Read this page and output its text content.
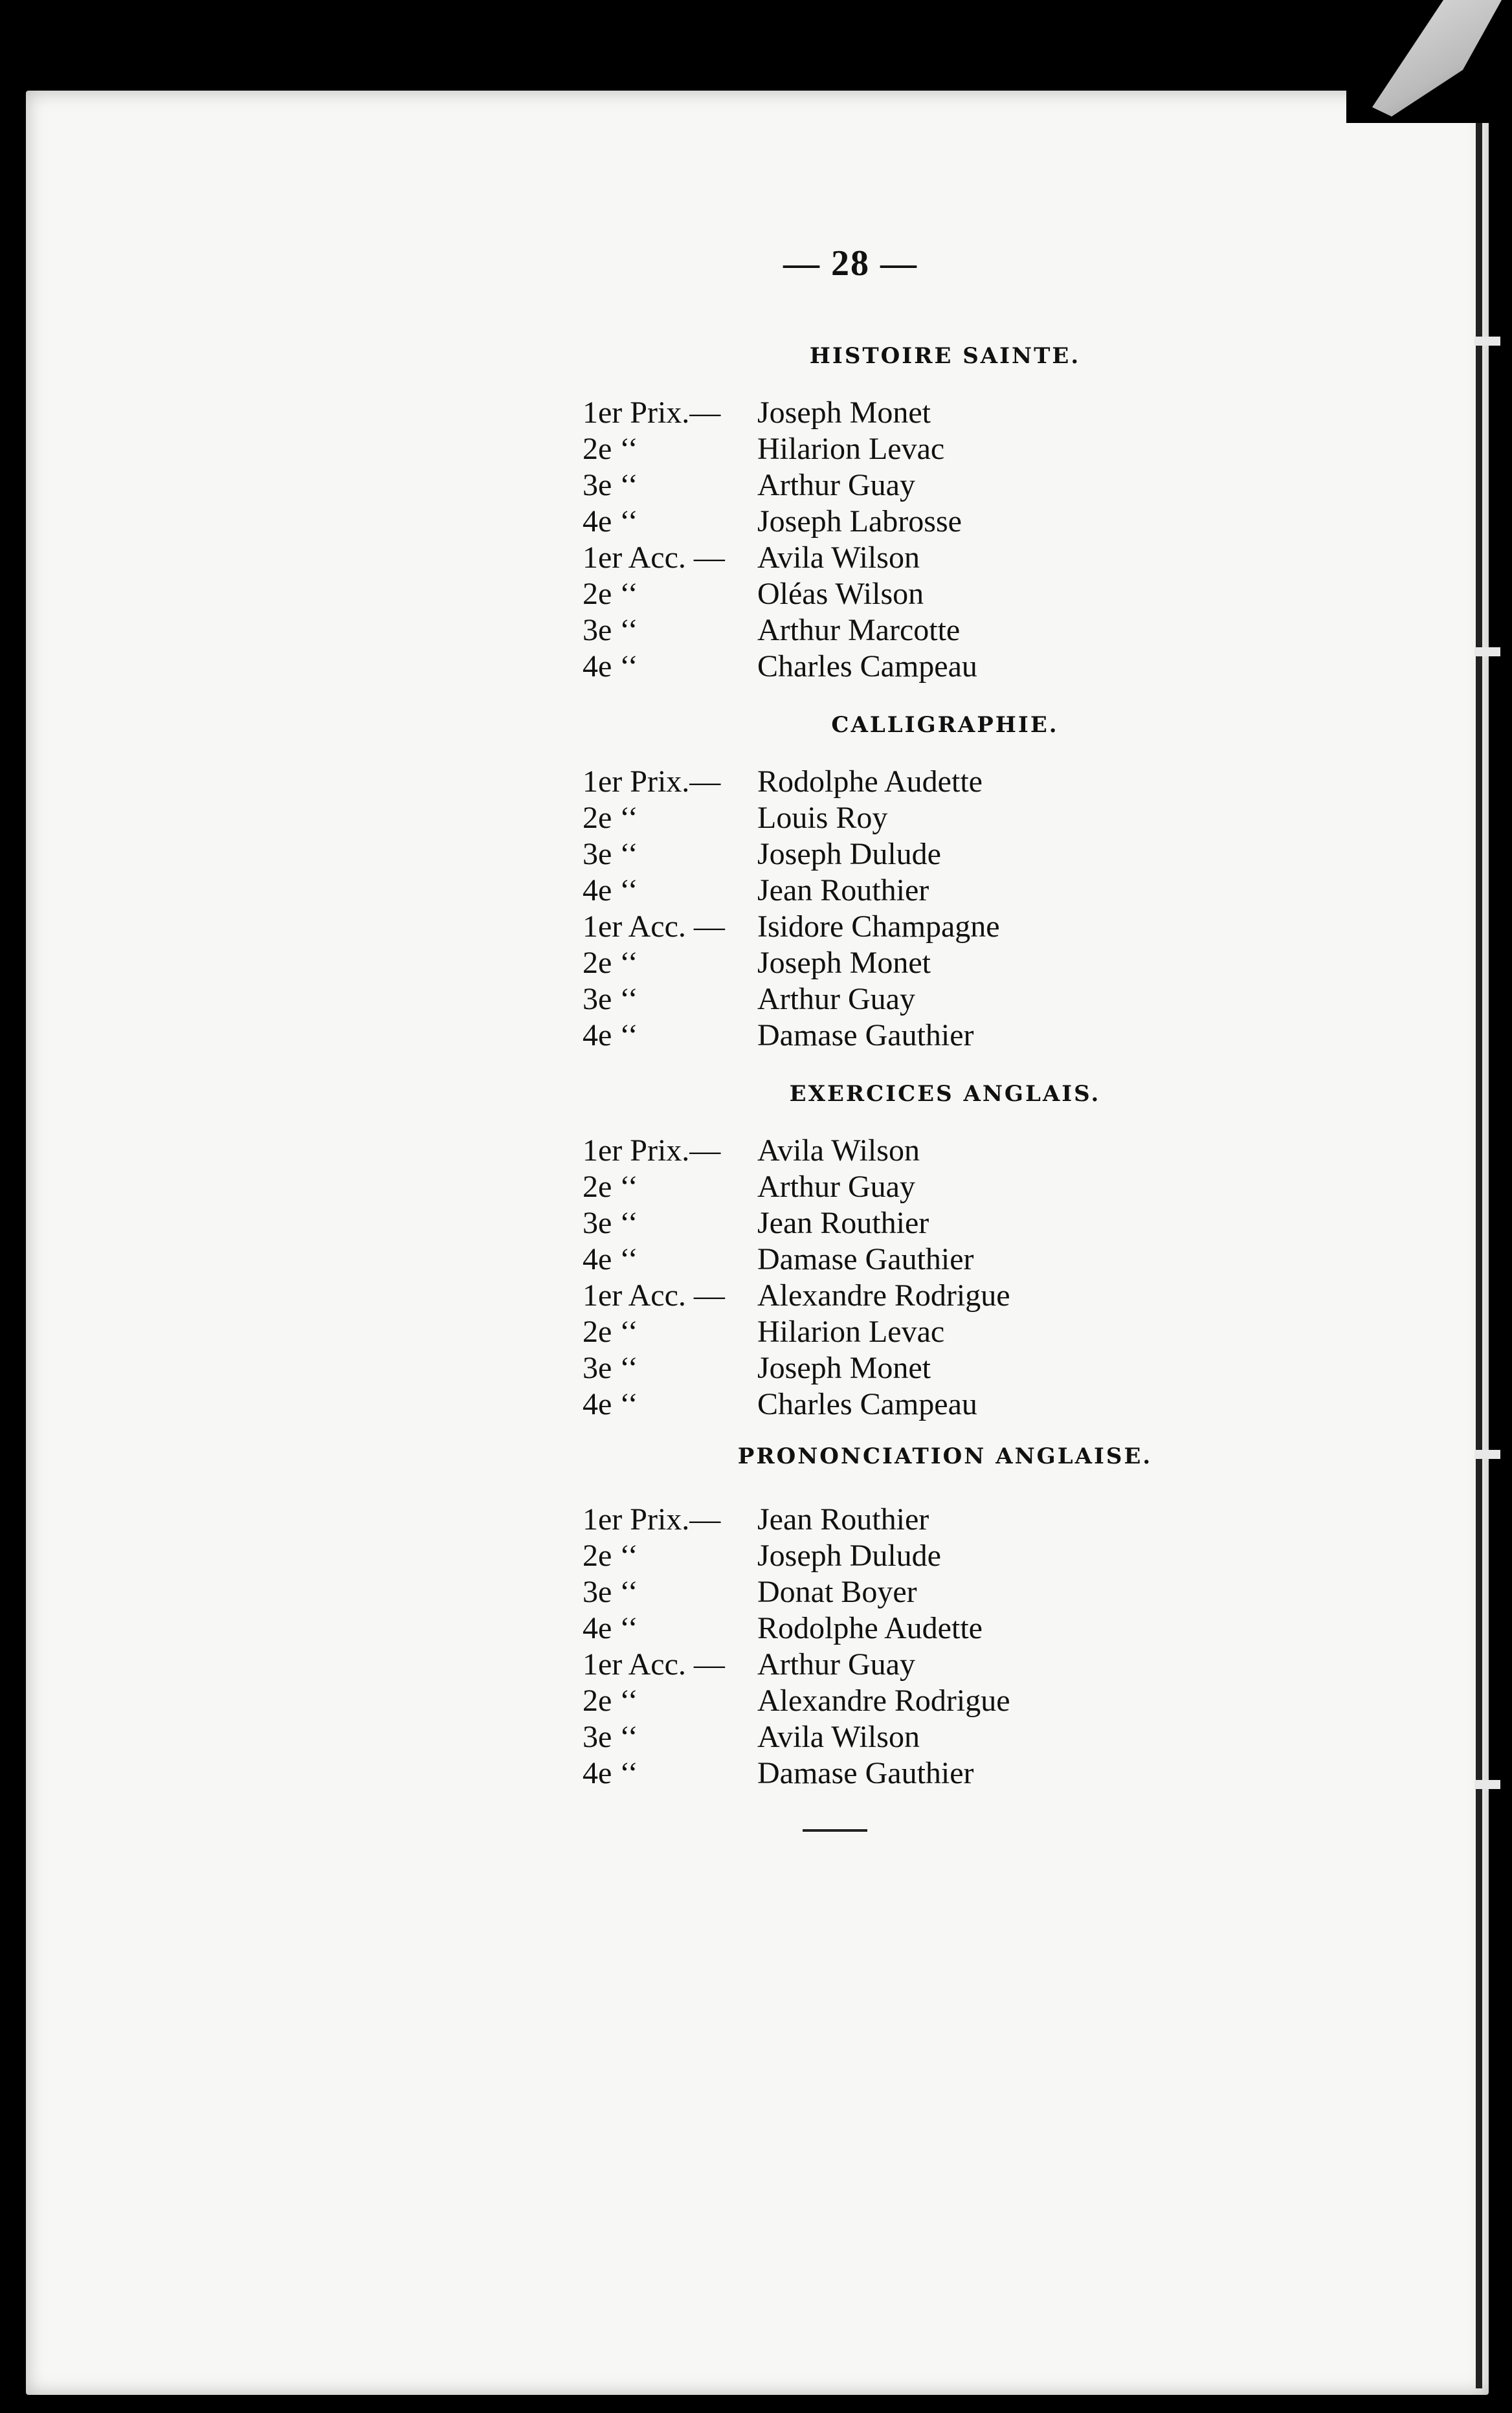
— 28 —
HISTOIRE SAINTE.
1er Prix.— Joseph Monet
2e ‘‘	Hilarion Levac
3e ‘‘	Arthur Guay
4e ‘‘	Joseph Labrosse
1er Acc. — Avila Wilson
2e ‘‘	Oléas Wilson
3e ‘‘	Arthur Marcotte
4e ‘‘	Charles Campeau
CALLIGRAPHIE.
1er Prix.— Rodolphe Audette
2e ‘‘	Louis Roy
3e ‘‘	Joseph Dulude
4e ‘‘	Jean Routhier
1er Acc. — Isidore Champagne
2e ‘‘	Joseph Monet
3e ‘‘	Arthur Guay
4e ‘‘	Damase Gauthier
EXERCICES ANGLAIS.
1er Prix.— Avila Wilson
2e ‘‘	Arthur Guay
3e ‘‘	Jean Routhier
4e ‘‘	Damase Gauthier
1er Acc. — Alexandre Rodrigue
2e ‘‘	Hilarion Levac
3e ‘‘	Joseph Monet
4e ‘‘	Charles Campeau
PRONONCIATION ANGLAISE.
1er Prix.— Jean Routhier
2e ‘‘	Joseph Dulude
3e ‘‘	Donat Boyer
4e ‘‘	Rodolphe Audette
1er Acc. — Arthur Guay
2e ‘‘	Alexandre Rodrigue
3e ‘‘	Avila Wilson
4e ‘‘	Damase Gauthier
